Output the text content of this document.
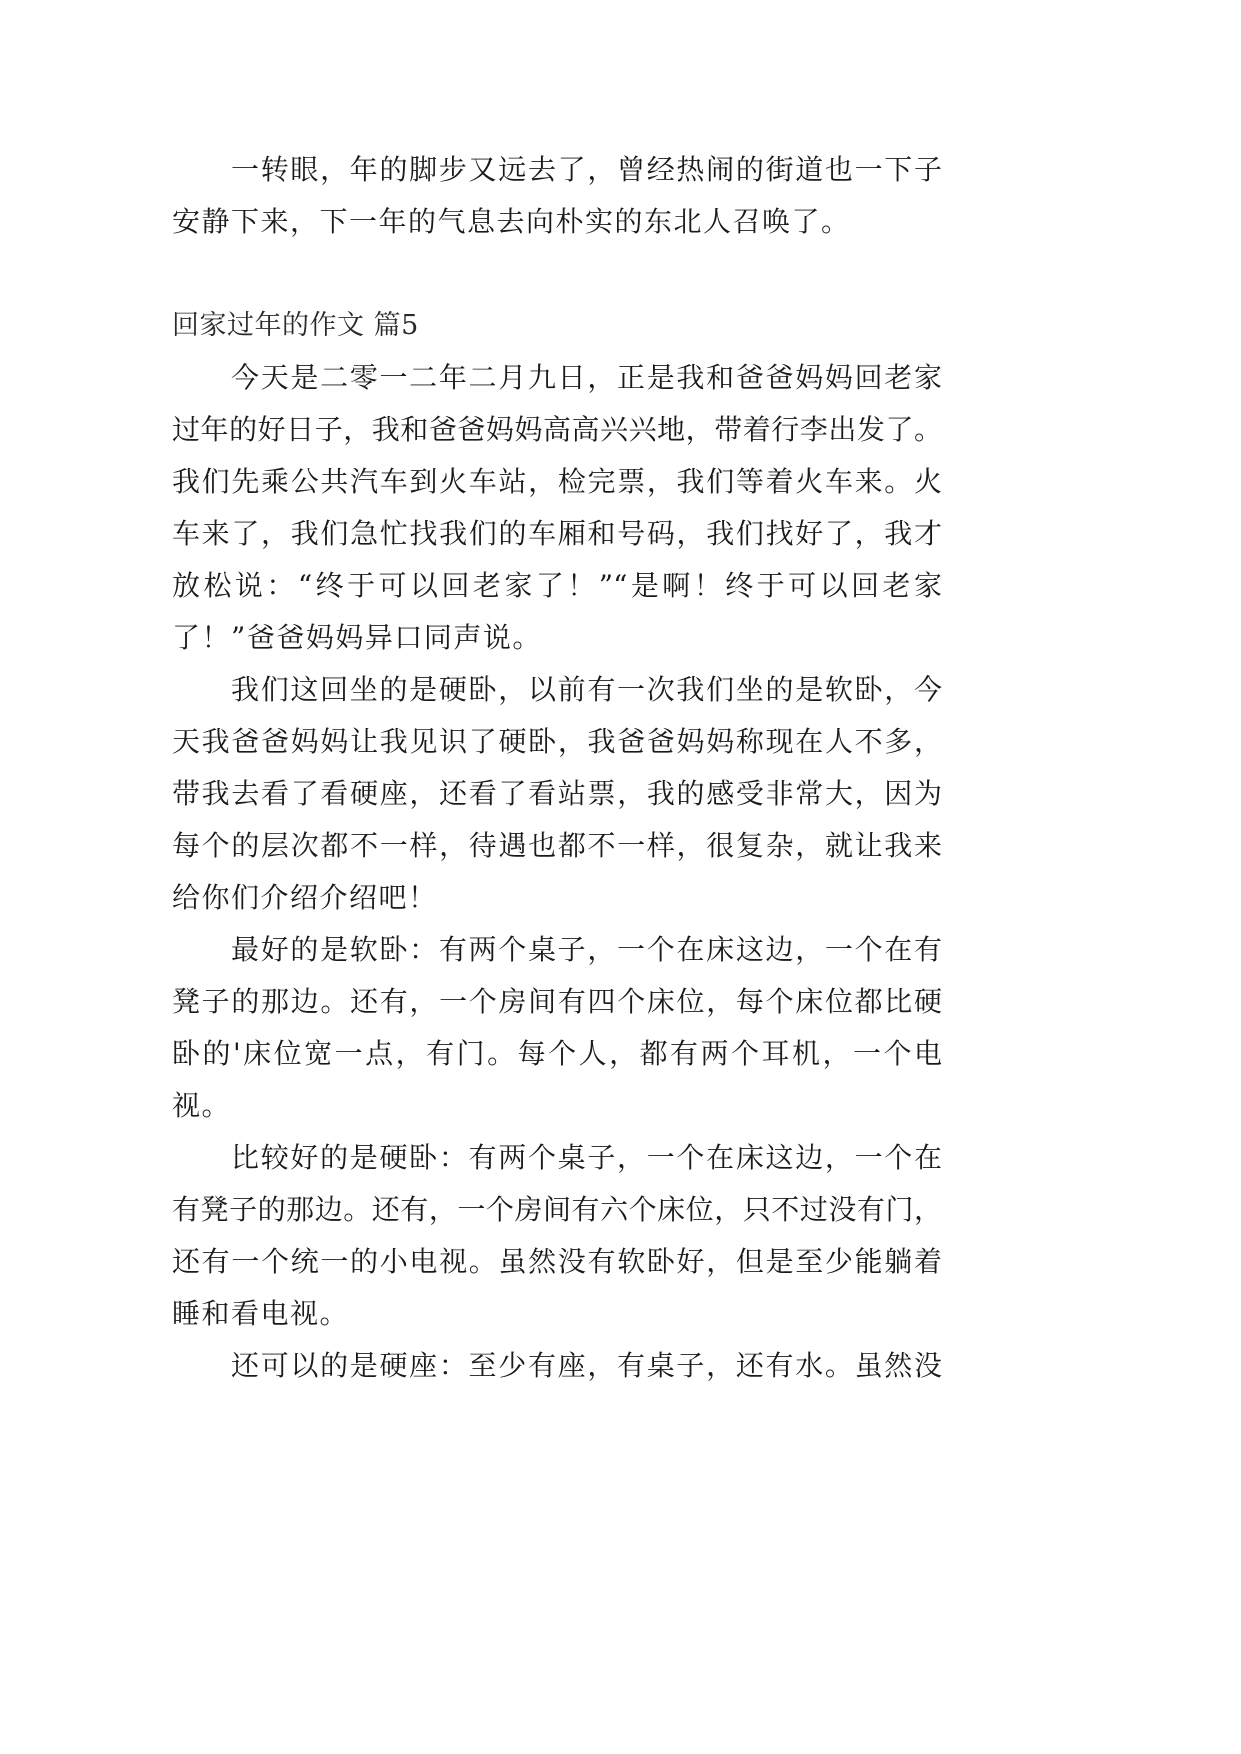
一转眼，年的脚步又远去了，曾经热闹的街道也一下子
安静下来，下一年的气息去向朴实的东北人召唤了。
回家过年的作文 篇5
今天是二零一二年二月九日，正是我和爸爸妈妈回老家
过年的好日子，我和爸爸妈妈高高兴兴地，带着行李出发了。
我们先乘公共汽车到火车站，检完票，我们等着火车来。火
车来了，我们急忙找我们的车厢和号码，我们找好了，我才
放松说：“终于可以回老家了！”“是啊！终于可以回老家
了！”爸爸妈妈异口同声说。
我们这回坐的是硬卧，以前有一次我们坐的是软卧，今
天我爸爸妈妈让我见识了硬卧，我爸爸妈妈称现在人不多，
带我去看了看硬座，还看了看站票，我的感受非常大，因为
每个的层次都不一样，待遇也都不一样，很复杂，就让我来
给你们介绍介绍吧！
最好的是软卧：有两个桌子，一个在床这边，一个在有
凳子的那边。还有，一个房间有四个床位，每个床位都比硬
卧的'床位宽一点，有门。每个人，都有两个耳机，一个电
视。
比较好的是硬卧：有两个桌子，一个在床这边，一个在
有凳子的那边。还有，一个房间有六个床位，只不过没有门，
还有一个统一的小电视。虽然没有软卧好，但是至少能躺着
睡和看电视。
还可以的是硬座：至少有座，有桌子，还有水。虽然没
